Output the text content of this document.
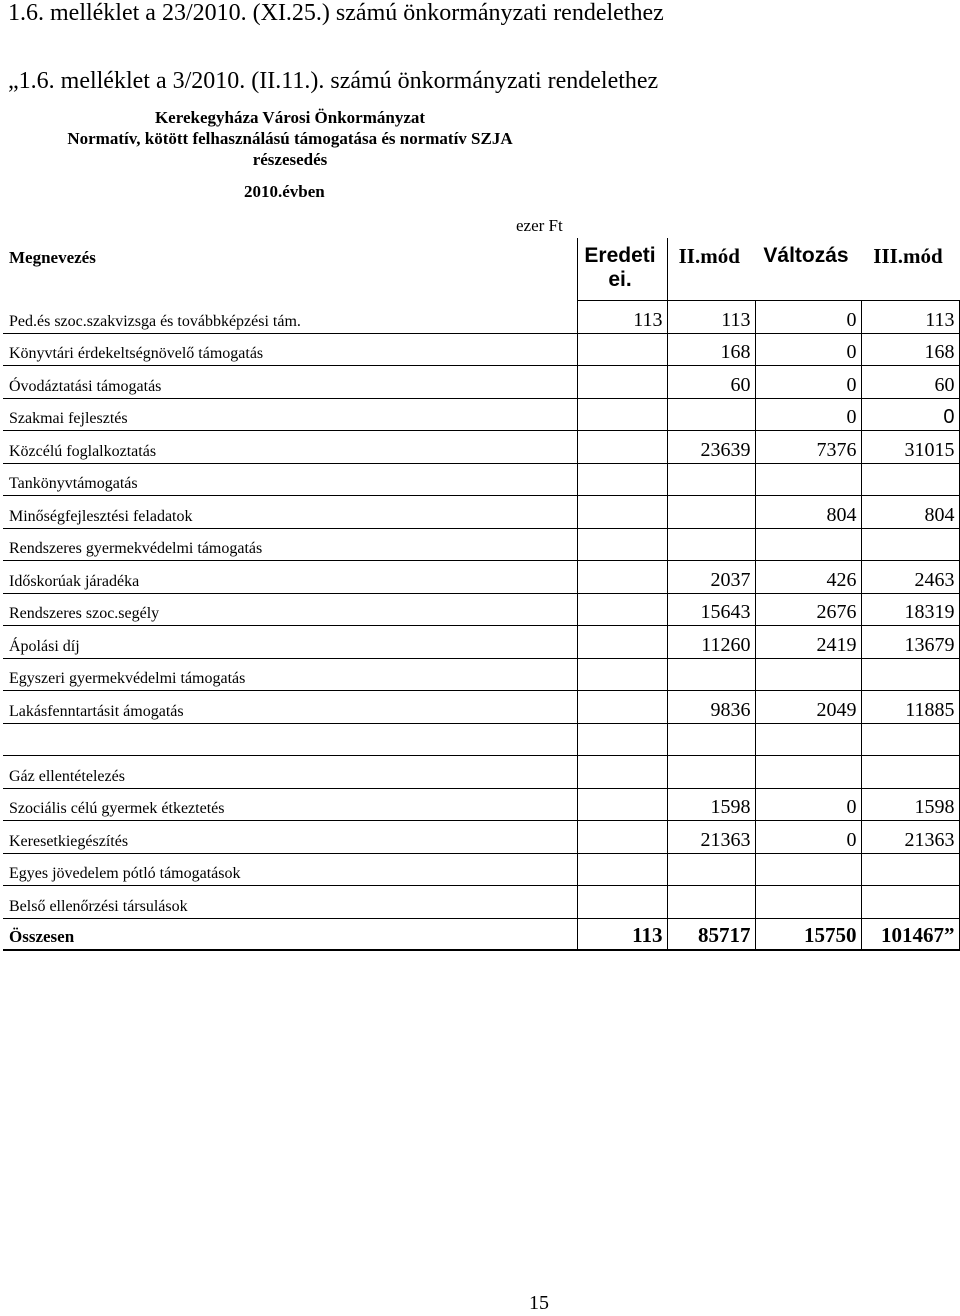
1.6. melléklet a 23/2010. (XI.25.) számú önkormányzati rendelethez
„1.6. melléklet a 3/2010. (II.11.). számú önkormányzati rendelethez
Kerekegyháza Városi Önkormányzat
Normatív, kötött felhasználású támogatása és normatív SZJA
részesedés
2010.évben
ezer Ft
Megnevezés	Eredeti ei.	II.mód	Változás	III.mód
Ped.és szoc.szakvizsga és továbbképzési tám.	113	113	0	113
Könyvtári érdekeltségnövelő támogatás		168	0	168
Óvodáztatási támogatás		60	0	60
Szakmai fejlesztés			0	0
Közcélú foglalkoztatás		23639	7376	31015
Tankönyvtámogatás				
Minőségfejlesztési feladatok			804	804
Rendszeres gyermekvédelmi támogatás				
Időskorúak járadéka		2037	426	2463
Rendszeres szoc.segély		15643	2676	18319
Ápolási díj		11260	2419	13679
Egyszeri gyermekvédelmi támogatás				
Lakásfenntartásit ámogatás		9836	2049	11885

Gáz ellentételezés				
Szociális célú gyermek étkeztetés		1598	0	1598
Keresetkiegészítés		21363	0	21363
Egyes jövedelem pótló támogatások				
Belső ellenőrzési társulások				
Összesen	113	85717	15750	101467”
15
